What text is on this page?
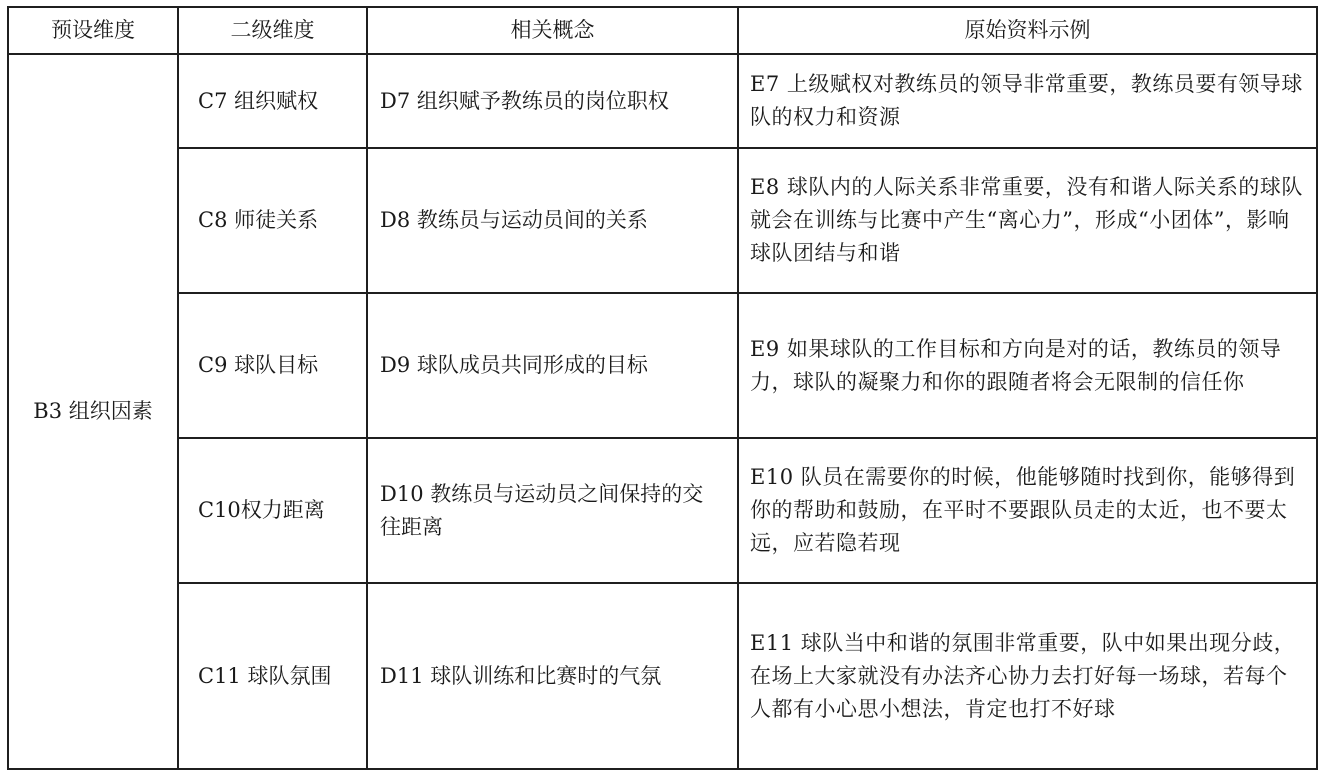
预设维度	二级维度	相关概念	原始资料示例
B3 组织因素	C7 组织赋权	D7 组织赋予教练员的岗位职权	E7 上级赋权对教练员的领导非常重要，教练员要有领导球队的权力和资源
	C8 师徒关系	D8 教练员与运动员间的关系	E8 球队内的人际关系非常重要，没有和谐人际关系的球队就会在训练与比赛中产生“离心力”，形成“小团体”，影响球队团结与和谐
	C9 球队目标	D9 球队成员共同形成的目标	E9 如果球队的工作目标和方向是对的话，教练员的领导力，球队的凝聚力和你的跟随者将会无限制的信任你
	C10权力距离	D10 教练员与运动员之间保持的交往距离	E10 队员在需要你的时候，他能够随时找到你，能够得到你的帮助和鼓励，在平时不要跟队员走的太近，也不要太远，应若隐若现
	C11 球队氛围	D11 球队训练和比赛时的气氛	E11 球队当中和谐的氛围非常重要，队中如果出现分歧，在场上大家就没有办法齐心协力去打好每一场球，若每个人都有小心思小想法，肯定也打不好球
